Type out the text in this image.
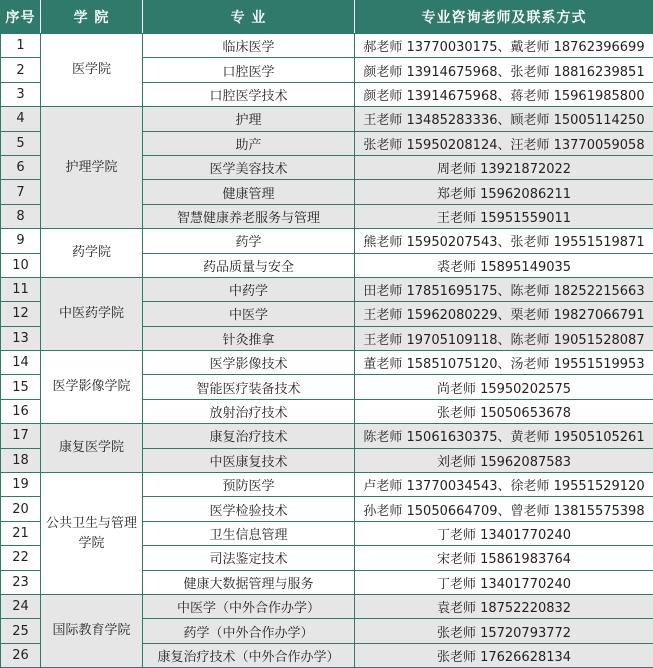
序号	学 院	专 业	专业咨询老师及联系方式
1	医学院	临床医学	郝老师 13770030175、戴老师 18762396699
2		口腔医学	颜老师 13914675968、张老师 18816239851
3		口腔医学技术	颜老师 13914675968、蒋老师 15961985800
4	护理学院	护理	王老师 13485283336、顾老师 15005114250
5		助产	张老师 15950208124、汪老师 13770059058
6		医学美容技术	周老师 13921872022
7		健康管理	郑老师 15962086211
8		智慧健康养老服务与管理	王老师 15951559011
9	药学院	药学	熊老师 15950207543、张老师 19551519871
10		药品质量与安全	裘老师 15895149035
11	中医药学院	中药学	田老师 17851695175、陈老师 18252215663
12		中医学	王老师 15962080229、栗老师 19827066791
13		针灸推拿	王老师 19705109118、陈老师 19051528087
14	医学影像学院	医学影像技术	董老师 15851075120、汤老师 19551519953
15		智能医疗装备技术	尚老师 15950202575
16		放射治疗技术	张老师 15050653678
17	康复医学院	康复治疗技术	陈老师 15061630375、黄老师 19505105261
18		中医康复技术	刘老师 15962087583
19	公共卫生与管理学院	预防医学	卢老师 13770034543、徐老师 19551529120
20		医学检验技术	孙老师 15050664709、曾老师 13815575398
21		卫生信息管理	丁老师 13401770240
22		司法鉴定技术	宋老师 15861983764
23		健康大数据管理与服务	丁老师 13401770240
24	国际教育学院	中医学（中外合作办学）	袁老师 18752220832
25		药学（中外合作办学）	张老师 15720793772
26		康复治疗技术（中外合作办学）	张老师 17626628134
